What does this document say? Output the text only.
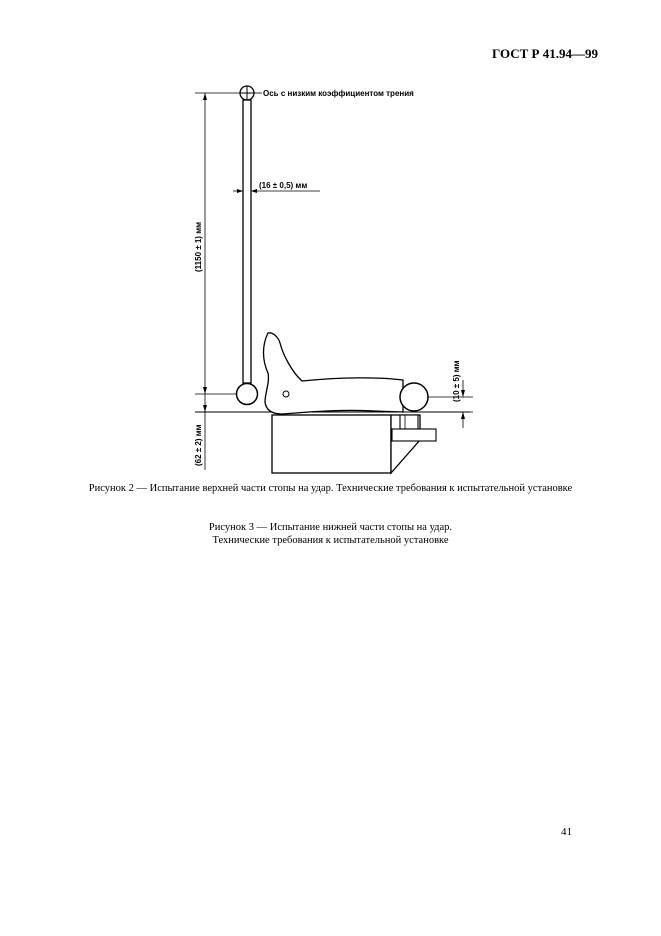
ГОСТ Р 41.94—99
Ось с низким коэффициентом трения
(16 ± 0,5) мм
(1150 ± 1) мм
(62 ± 2) мм
(10 ± 5) мм
Рисунок 2 — Испытание верхней части стопы на удар. Технические требования к испытательной установке
Рисунок 3 — Испытание нижней части стопы на удар.
Технические требования к испытательной установке
41
